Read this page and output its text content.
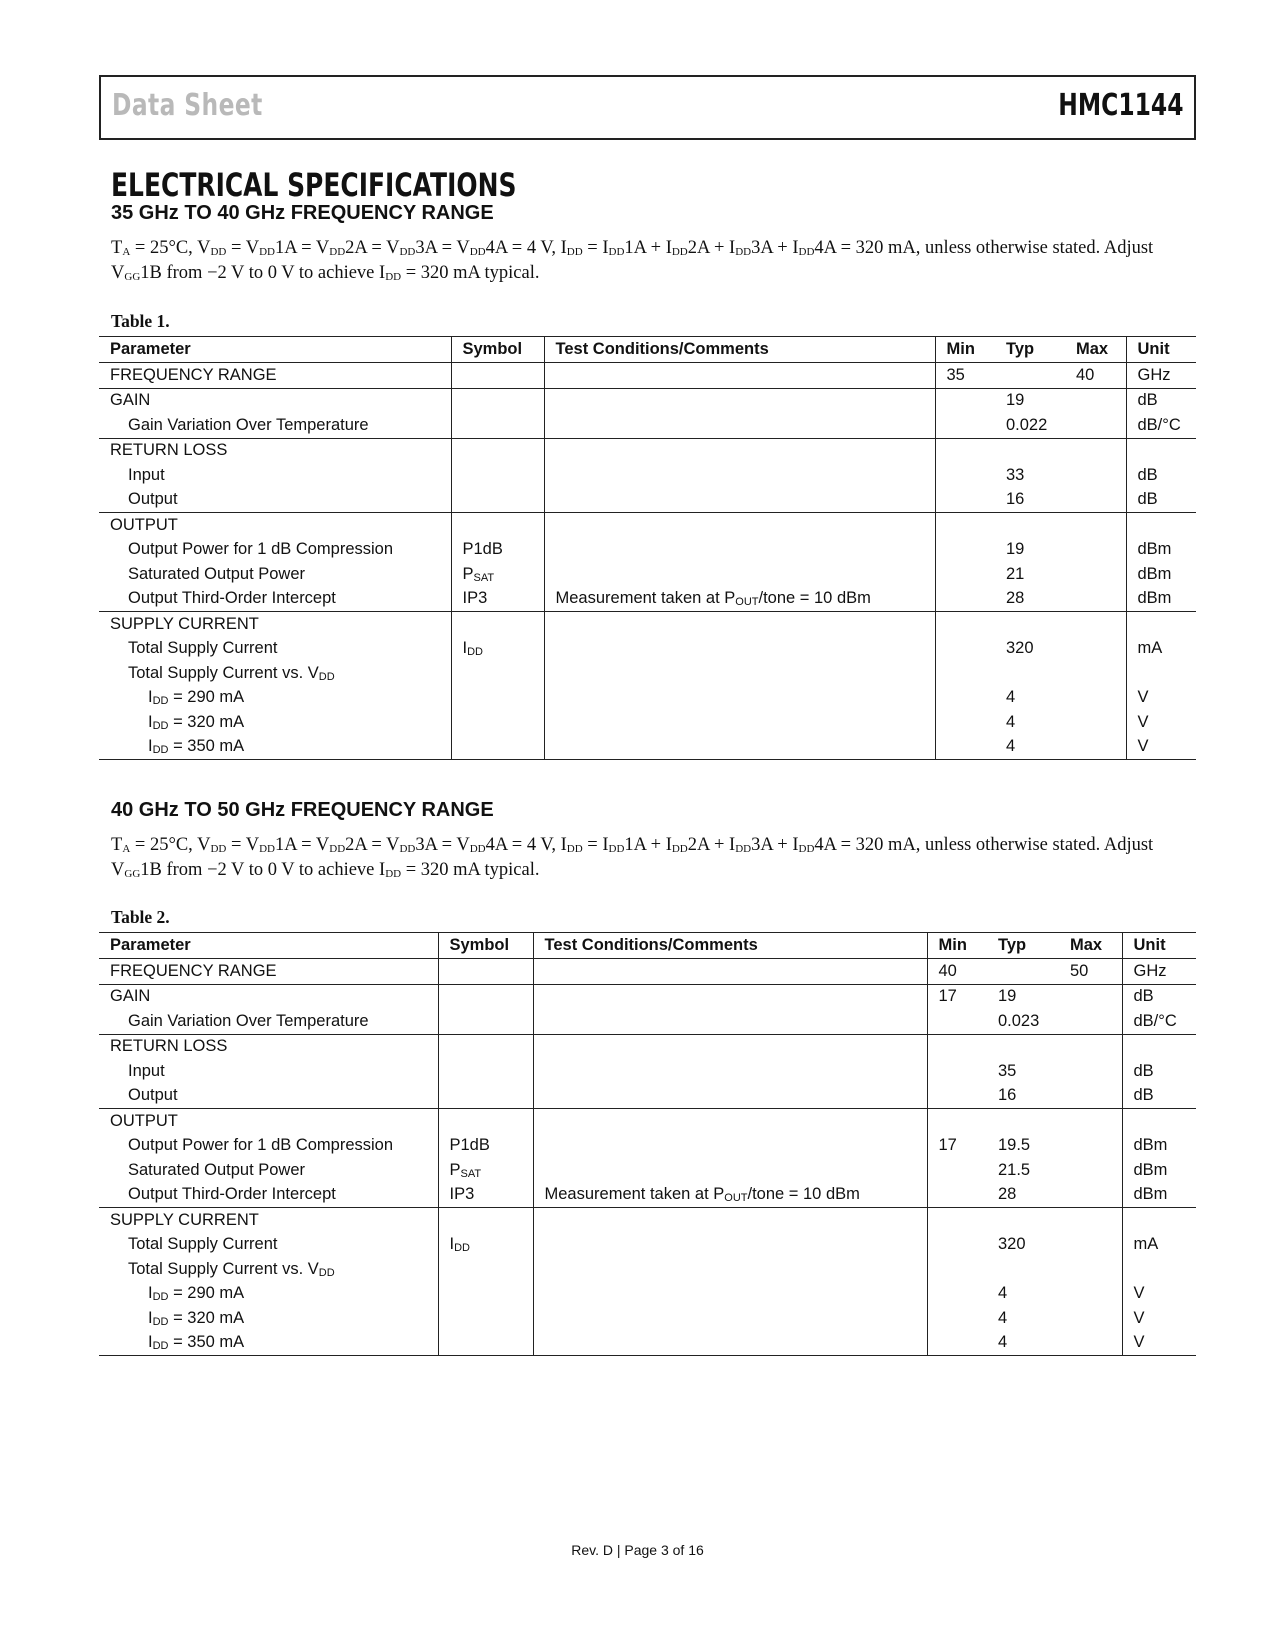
Data Sheet	HMC1144
ELECTRICAL SPECIFICATIONS
35 GHz TO 40 GHz FREQUENCY RANGE

$T_A = 25^\circ C$, $V_{DD} = V_{DD}1A = V_{DD}2A = V_{DD}3A = V_{DD}4A = 4$ V, $I_{DD} = I_{DD}1A + I_{DD}2A + I_{DD}3A + I_{DD}4A = 320$ mA, unless otherwise stated. Adjust $V_{GG}1B$ from −2 V to 0 V to achieve $I_{DD} = 320$ mA typical.

Table 1.
Parameter	Symbol	Test Conditions/Comments	Min	Typ	Max	Unit
FREQUENCY RANGE			35		40	GHz
GAIN				19		dB
Gain Variation Over Temperature				0.022		dB/°C
RETURN LOSS						
Input				33		dB
Output				16		dB
OUTPUT						
Output Power for 1 dB Compression	P1dB			19		dBm
Saturated Output Power	$P_{SAT}$			21		dBm
Output Third-Order Intercept	IP3	Measurement taken at $P_{OUT}$/tone = 10 dBm		28		dBm
SUPPLY CURRENT						
Total Supply Current	$I_{DD}$			320		mA
Total Supply Current vs. $V_{DD}$						
$I_{DD} = 290$ mA				4		V
$I_{DD} = 320$ mA				4		V
$I_{DD} = 350$ mA				4		V
40 GHz TO 50 GHz FREQUENCY RANGE

$T_A = 25^\circ C$, $V_{DD} = V_{DD}1A = V_{DD}2A = V_{DD}3A = V_{DD}4A = 4$ V, $I_{DD} = I_{DD}1A + I_{DD}2A + I_{DD}3A + I_{DD}4A = 320$ mA, unless otherwise stated. Adjust $V_{GG}1B$ from −2 V to 0 V to achieve $I_{DD} = 320$ mA typical.

Table 2.
Parameter	Symbol	Test Conditions/Comments	Min	Typ	Max	Unit
FREQUENCY RANGE			40		50	GHz
GAIN			17	19		dB
Gain Variation Over Temperature				0.023		dB/°C
RETURN LOSS						
Input				35		dB
Output				16		dB
OUTPUT						
Output Power for 1 dB Compression	P1dB		17	19.5		dBm
Saturated Output Power	$P_{SAT}$			21.5		dBm
Output Third-Order Intercept	IP3	Measurement taken at $P_{OUT}$/tone = 10 dBm		28		dBm
SUPPLY CURRENT						
Total Supply Current	$I_{DD}$			320		mA
Total Supply Current vs. $V_{DD}$						
$I_{DD} = 290$ mA				4		V
$I_{DD} = 320$ mA				4		V
$I_{DD} = 350$ mA				4		V
Rev. D | Page 3 of 16
